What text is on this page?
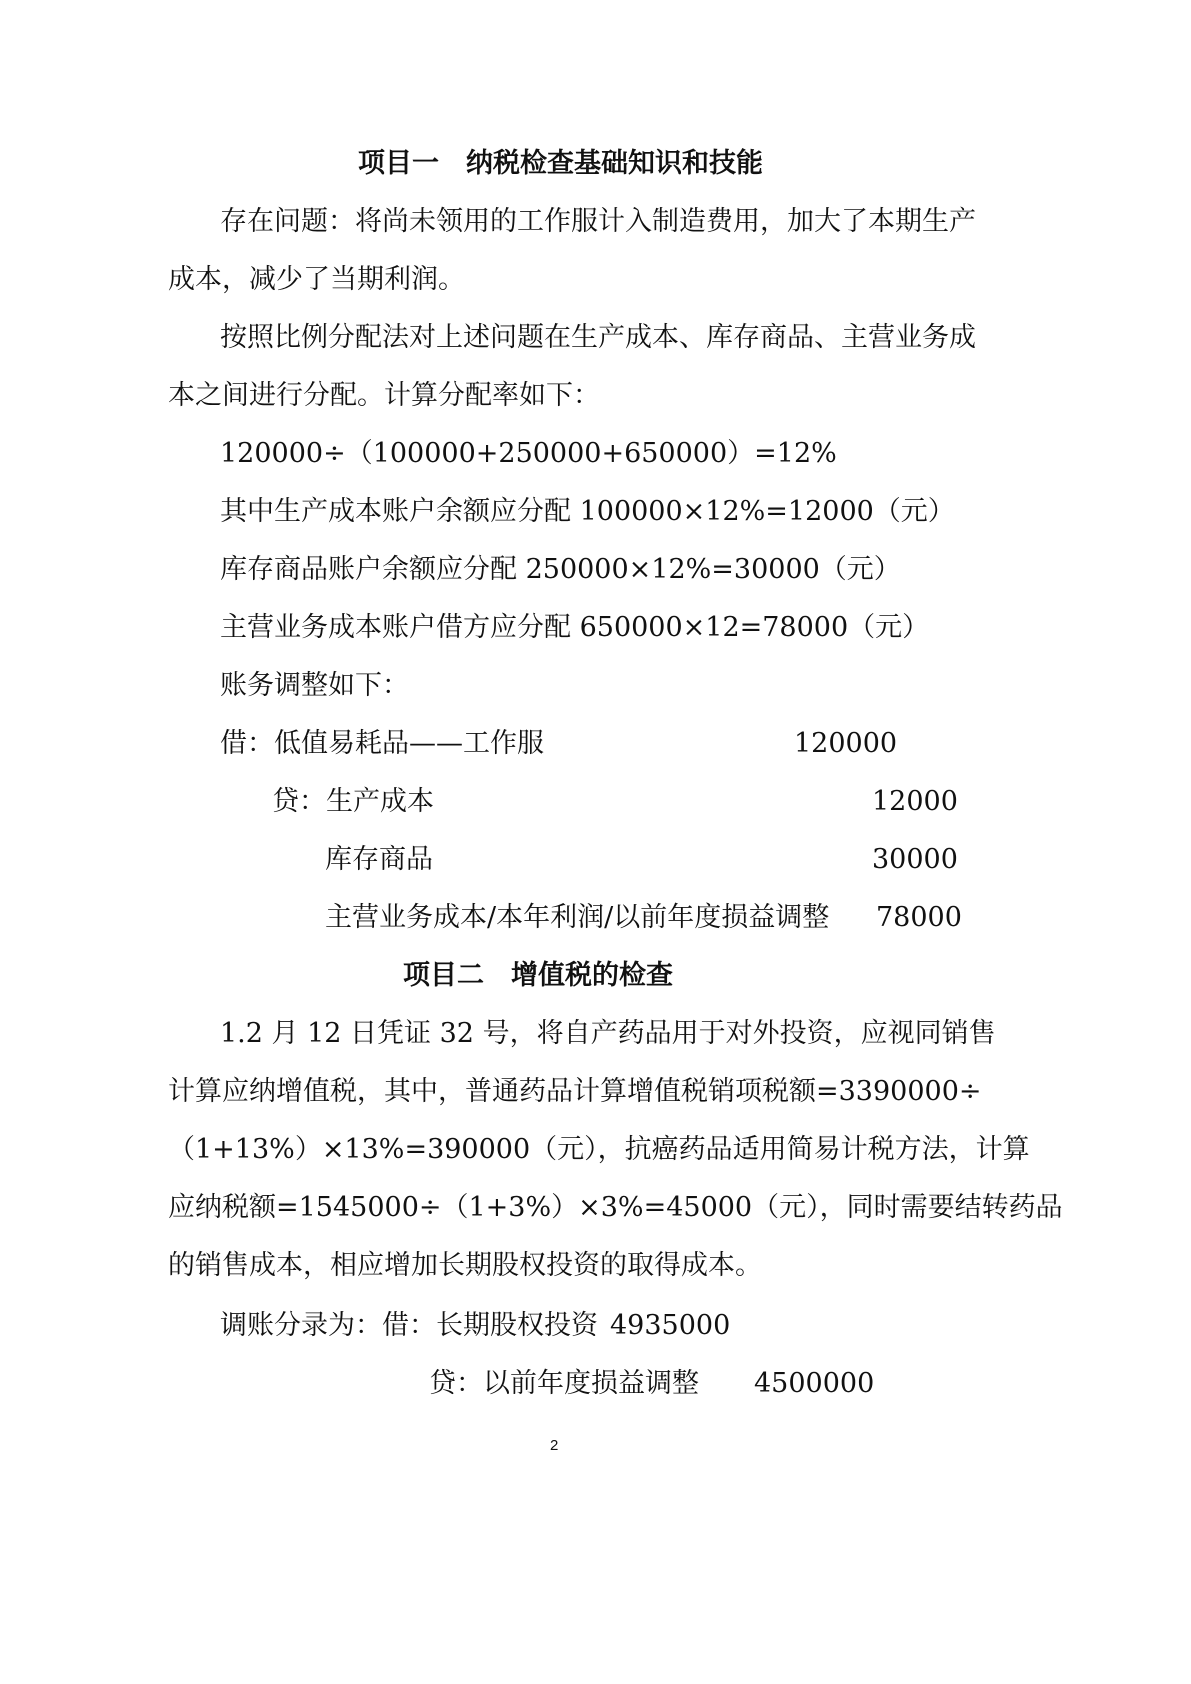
项目一　纳税检查基础知识和技能
存在问题：将尚未领用的工作服计入制造费用，加大了本期生产
成本，减少了当期利润。
按照比例分配法对上述问题在生产成本、库存商品、主营业务成
本之间进行分配。计算分配率如下：
120000÷（100000+250000+650000）=12%
其中生产成本账户余额应分配 100000×12%=12000（元）
库存商品账户余额应分配 250000×12%=30000（元）
主营业务成本账户借方应分配 650000×12=78000（元）
账务调整如下：
借：低值易耗品——工作服	120000
贷：生产成本	12000
库存商品	30000
主营业务成本/本年利润/以前年度损益调整 78000
项目二　增值税的检查
1.2 月 12 日凭证 32 号，将自产药品用于对外投资，应视同销售
计算应纳增值税，其中，普通药品计算增值税销项税额=3390000÷
（1+13%）×13%=390000（元），抗癌药品适用简易计税方法，计算
应纳税额=1545000÷（1+3%）×3%=45000（元），同时需要结转药品
的销售成本，相应增加长期股权投资的取得成本。
调账分录为：借：长期股权投资 4935000
贷：以前年度损益调整 4500000
2
